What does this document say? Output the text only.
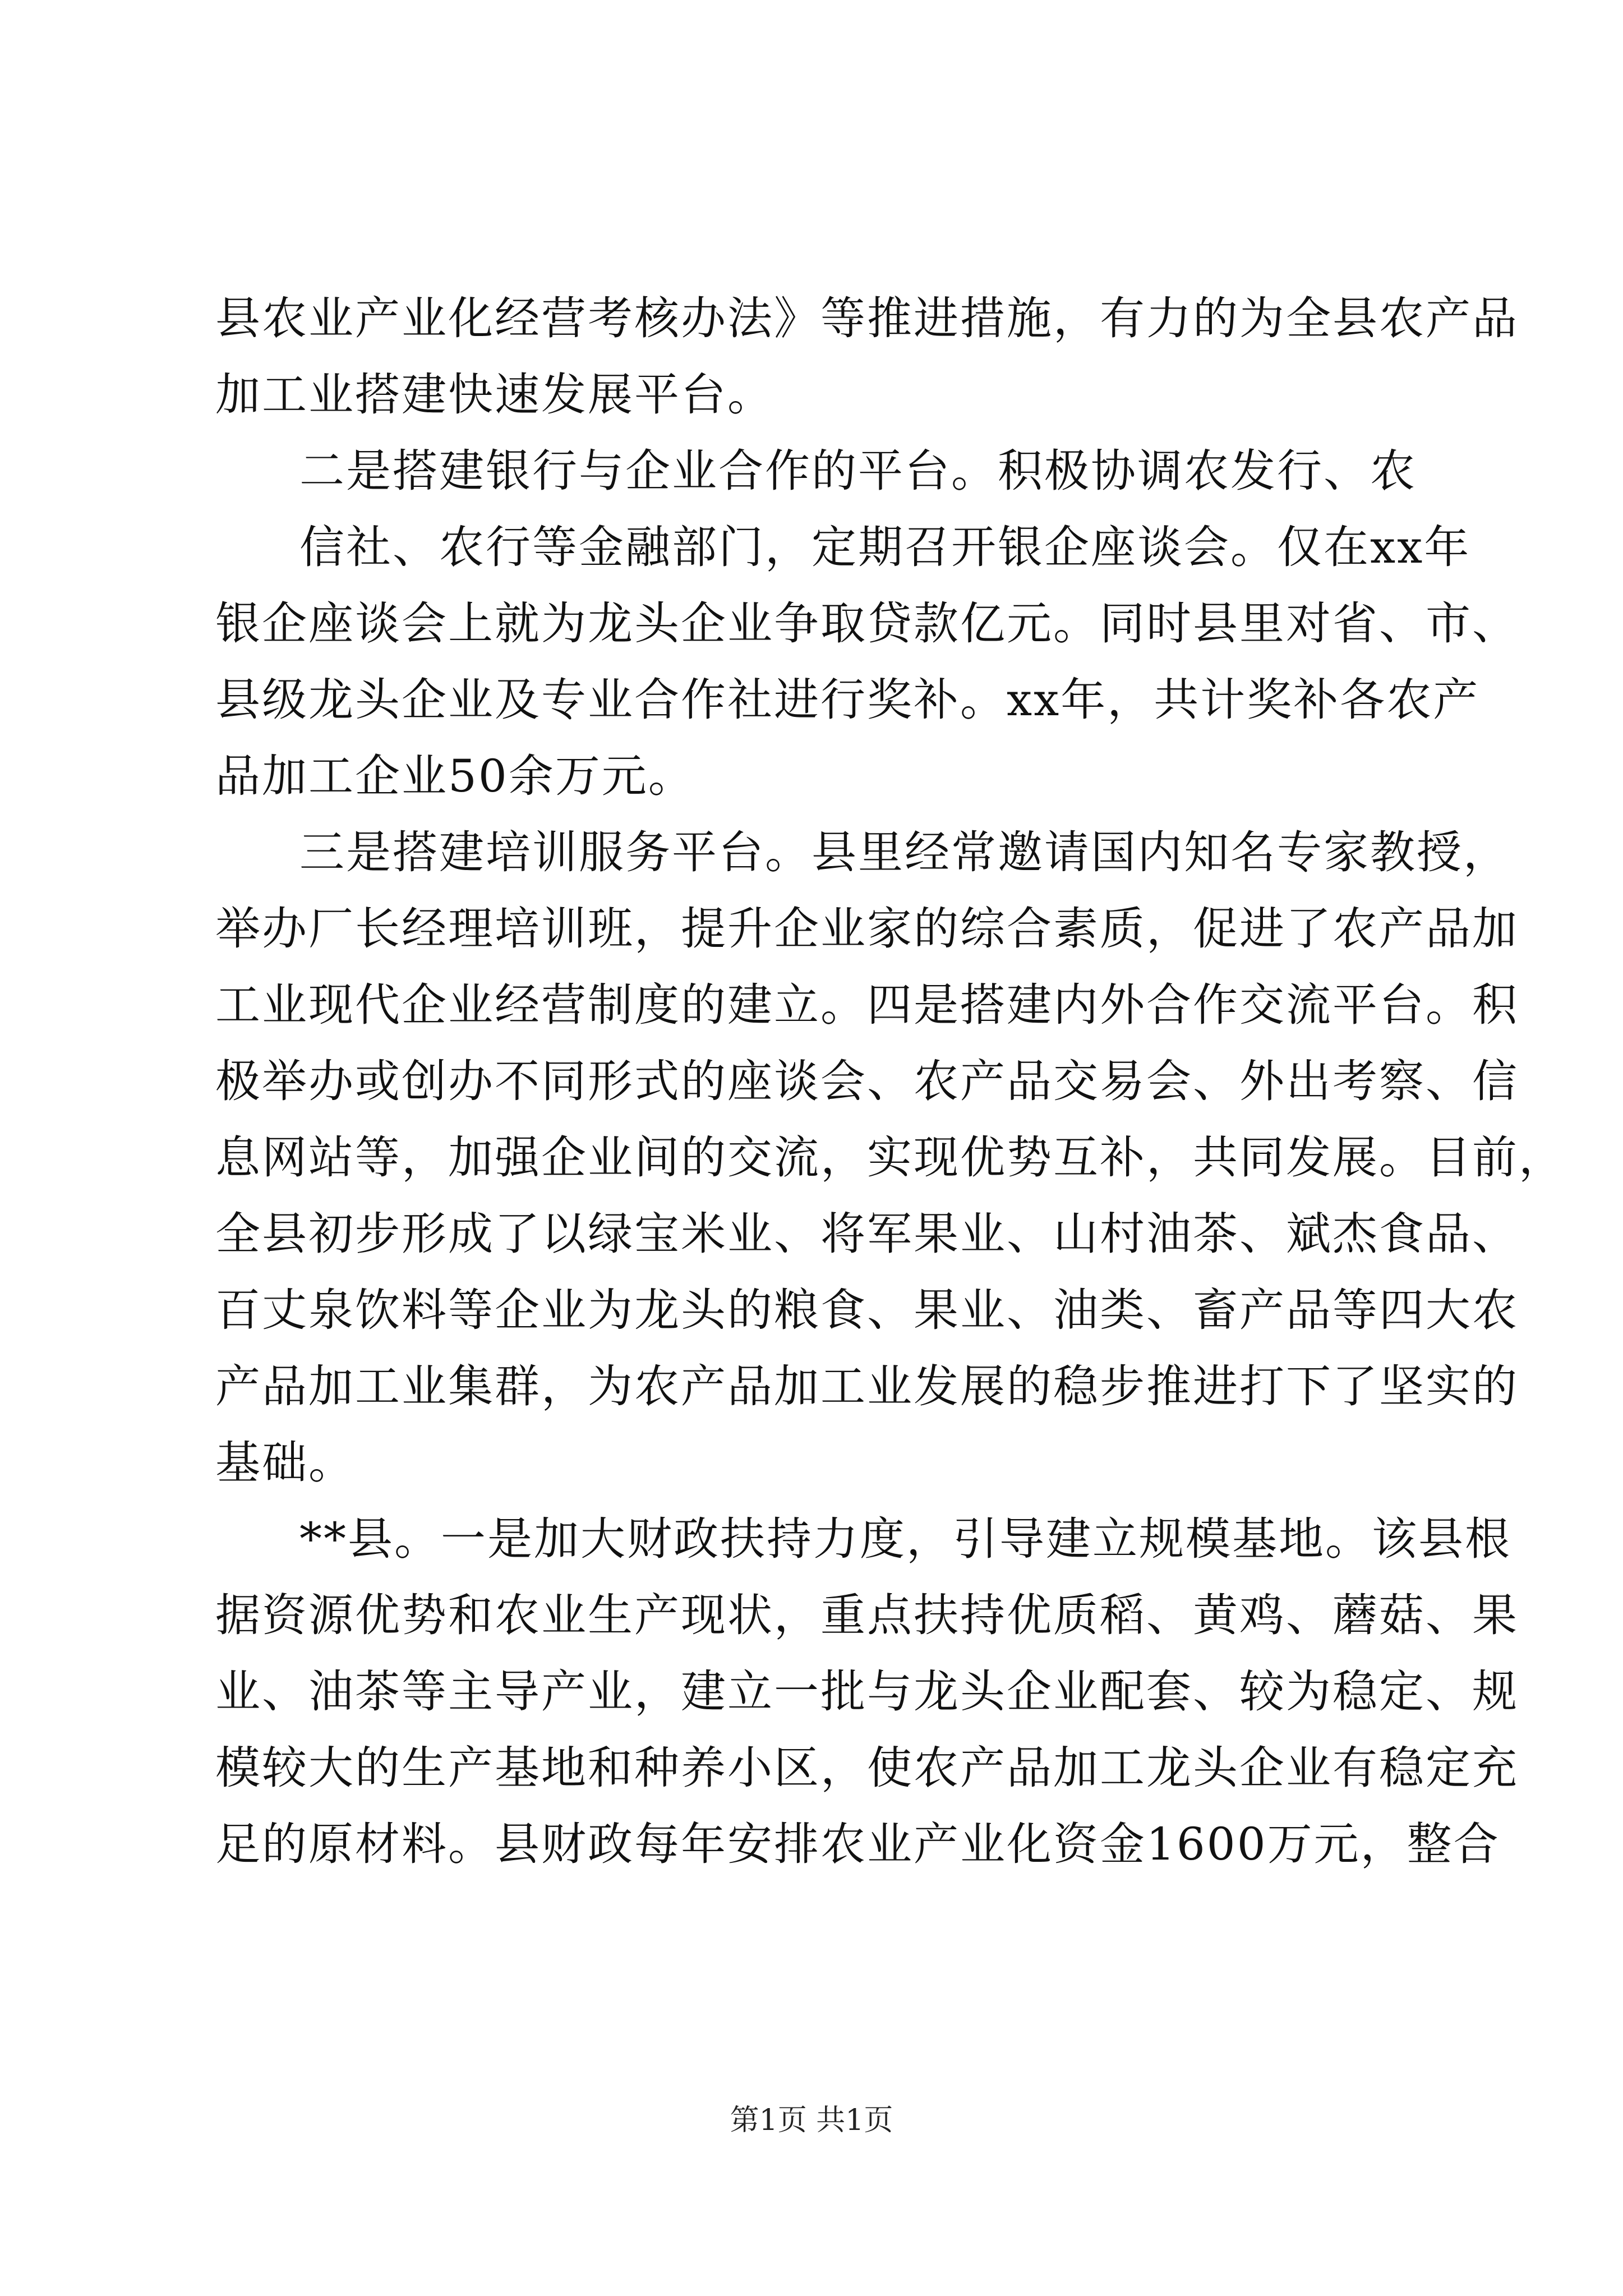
县农业产业化经营考核办法》等推进措施，有力的为全县农产品
加工业搭建快速发展平台。
二是搭建银行与企业合作的平台。积极协调农发行、农
信社、农行等金融部门，定期召开银企座谈会。仅在xx年
银企座谈会上就为龙头企业争取贷款亿元。同时县里对省、市、
县级龙头企业及专业合作社进行奖补。xx年，共计奖补各农产
品加工企业50余万元。
三是搭建培训服务平台。县里经常邀请国内知名专家教授，
举办厂长经理培训班，提升企业家的综合素质，促进了农产品加
工业现代企业经营制度的建立。四是搭建内外合作交流平台。积
极举办或创办不同形式的座谈会、农产品交易会、外出考察、信
息网站等，加强企业间的交流，实现优势互补，共同发展。目前，
全县初步形成了以绿宝米业、将军果业、山村油茶、斌杰食品、
百丈泉饮料等企业为龙头的粮食、果业、油类、畜产品等四大农
产品加工业集群，为农产品加工业发展的稳步推进打下了坚实的
基础。
**县。一是加大财政扶持力度，引导建立规模基地。该县根
据资源优势和农业生产现状，重点扶持优质稻、黄鸡、蘑菇、果
业、油茶等主导产业，建立一批与龙头企业配套、较为稳定、规
模较大的生产基地和种养小区，使农产品加工龙头企业有稳定充
足的原材料。县财政每年安排农业产业化资金1600万元，整合
第1页 共1页
